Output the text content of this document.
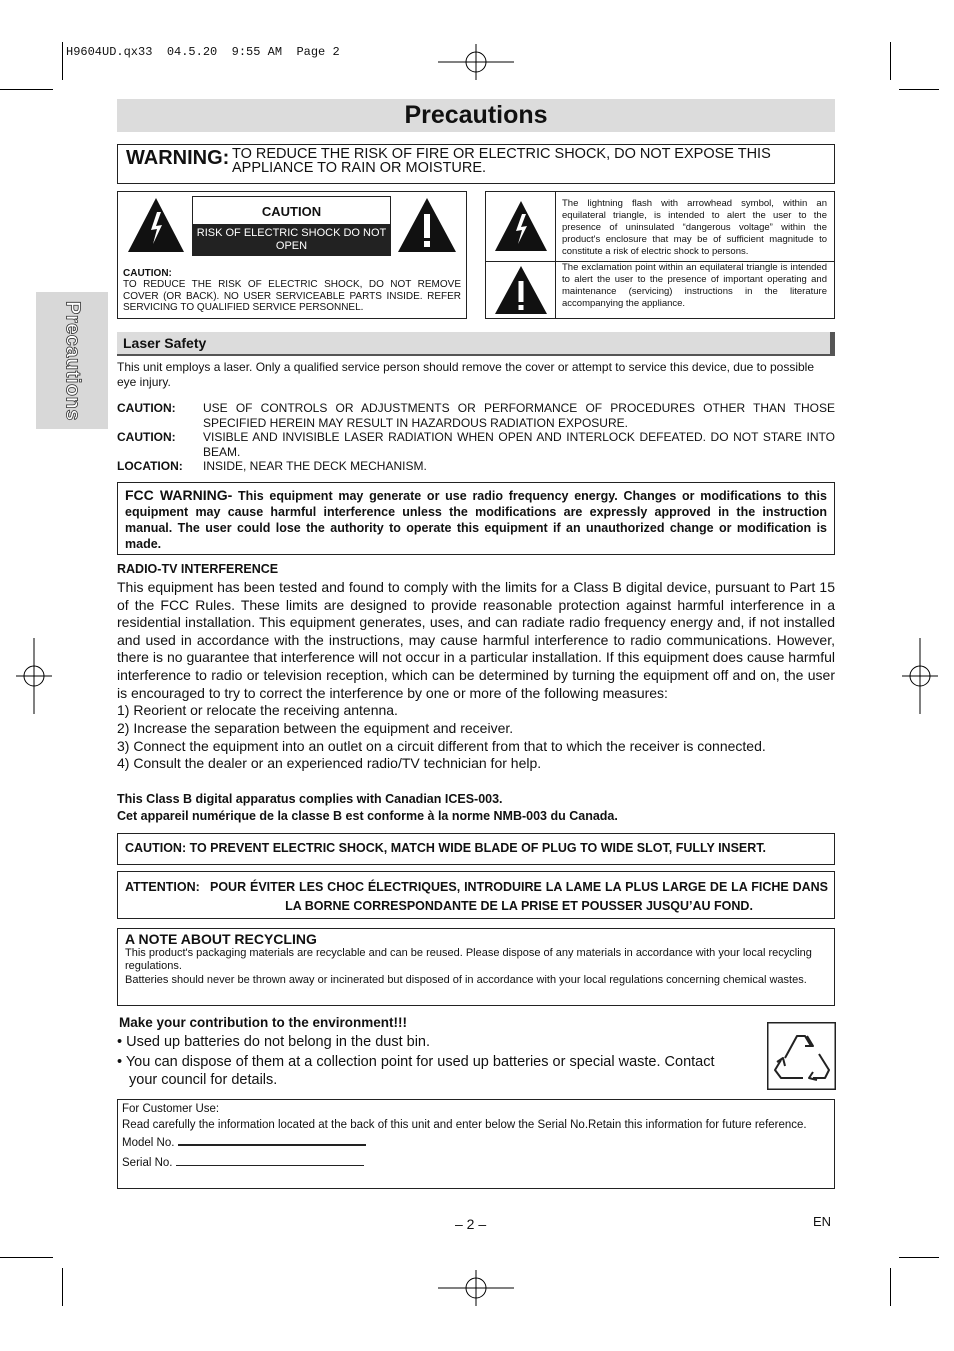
H9604UD.qx33  04.5.20  9:55 AM  Page 2
Precautions
Precautions
WARNING: TO REDUCE THE RISK OF FIRE OR ELECTRIC SHOCK, DO NOT EXPOSE THIS APPLIANCE TO RAIN OR MOISTURE.
CAUTION
RISK OF ELECTRIC SHOCK DO NOT OPEN
CAUTION:
TO REDUCE THE RISK OF ELECTRIC SHOCK, DO NOT REMOVE COVER (OR BACK). NO USER SERVICEABLE PARTS INSIDE. REFER SERVICING TO QUALIFIED SERVICE PERSONNEL.
The lightning flash with arrowhead symbol, within an equilateral triangle, is intended to alert the user to the presence of uninsulated “dangerous voltage” within the product's enclosure that may be of sufficient magnitude to constitute a risk of electric shock to persons.
The exclamation point within an equilateral triangle is intended to alert the user to the presence of important operating and maintenance (servicing) instructions in the literature accompanying the appliance.
Laser Safety
This unit employs a laser. Only a qualified service person should remove the cover or attempt to service this device, due to possible eye injury.
CAUTION: USE OF CONTROLS OR ADJUSTMENTS OR PERFORMANCE OF PROCEDURES OTHER THAN THOSE SPECIFIED HEREIN MAY RESULT IN HAZARDOUS RADIATION EXPOSURE.
CAUTION: VISIBLE AND INVISIBLE LASER RADIATION WHEN OPEN AND INTERLOCK DEFEATED. DO NOT STARE INTO BEAM.
LOCATION: INSIDE, NEAR THE DECK MECHANISM.
FCC WARNING- This equipment may generate or use radio frequency energy. Changes or modifications to this equipment may cause harmful interference unless the modifications are expressly approved in the instruction manual. The user could lose the authority to operate this equipment if an unauthorized change or modification is made.
RADIO-TV INTERFERENCE
This equipment has been tested and found to comply with the limits for a Class B digital device, pursuant to Part 15 of the FCC Rules. These limits are designed to provide reasonable protection against harmful interference in a residential installation. This equipment generates, uses, and can radiate radio frequency energy and, if not installed and used in accordance with the instructions, may cause harmful interference to radio communications. However, there is no guarantee that interference will not occur in a particular installation. If this equipment does cause harmful interference to radio or television reception, which can be determined by turning the equipment off and on, the user is encouraged to try to correct the interference by one or more of the following measures:
1) Reorient or relocate the receiving antenna.
2) Increase the separation between the equipment and receiver.
3) Connect the equipment into an outlet on a circuit different from that to which the receiver is connected.
4) Consult the dealer or an experienced radio/TV technician for help.
This Class B digital apparatus complies with Canadian ICES-003.
Cet appareil numérique de la classe B est conforme à la norme NMB-003 du Canada.
CAUTION: TO PREVENT ELECTRIC SHOCK, MATCH WIDE BLADE OF PLUG TO WIDE SLOT, FULLY INSERT.
ATTENTION: POUR ÉVITER LES CHOC ÉLECTRIQUES, INTRODUIRE LA LAME LA PLUS LARGE DE LA FICHE DANS LA BORNE CORRESPONDANTE DE LA PRISE ET POUSSER JUSQU’AU FOND.
A NOTE ABOUT RECYCLING
This product's packaging materials are recyclable and can be reused. Please dispose of any materials in accordance with your local recycling regulations.
Batteries should never be thrown away or incinerated but disposed of in accordance with your local regulations concerning chemical wastes.
Make your contribution to the environment!!!
• Used up batteries do not belong in the dust bin.
• You can dispose of them at a collection point for used up batteries or special waste. Contact your council for details.
For Customer Use:
Read carefully the information located at the back of this unit and enter below the Serial No.Retain this information for future reference.
Model No.
Serial No.
– 2 –	EN
